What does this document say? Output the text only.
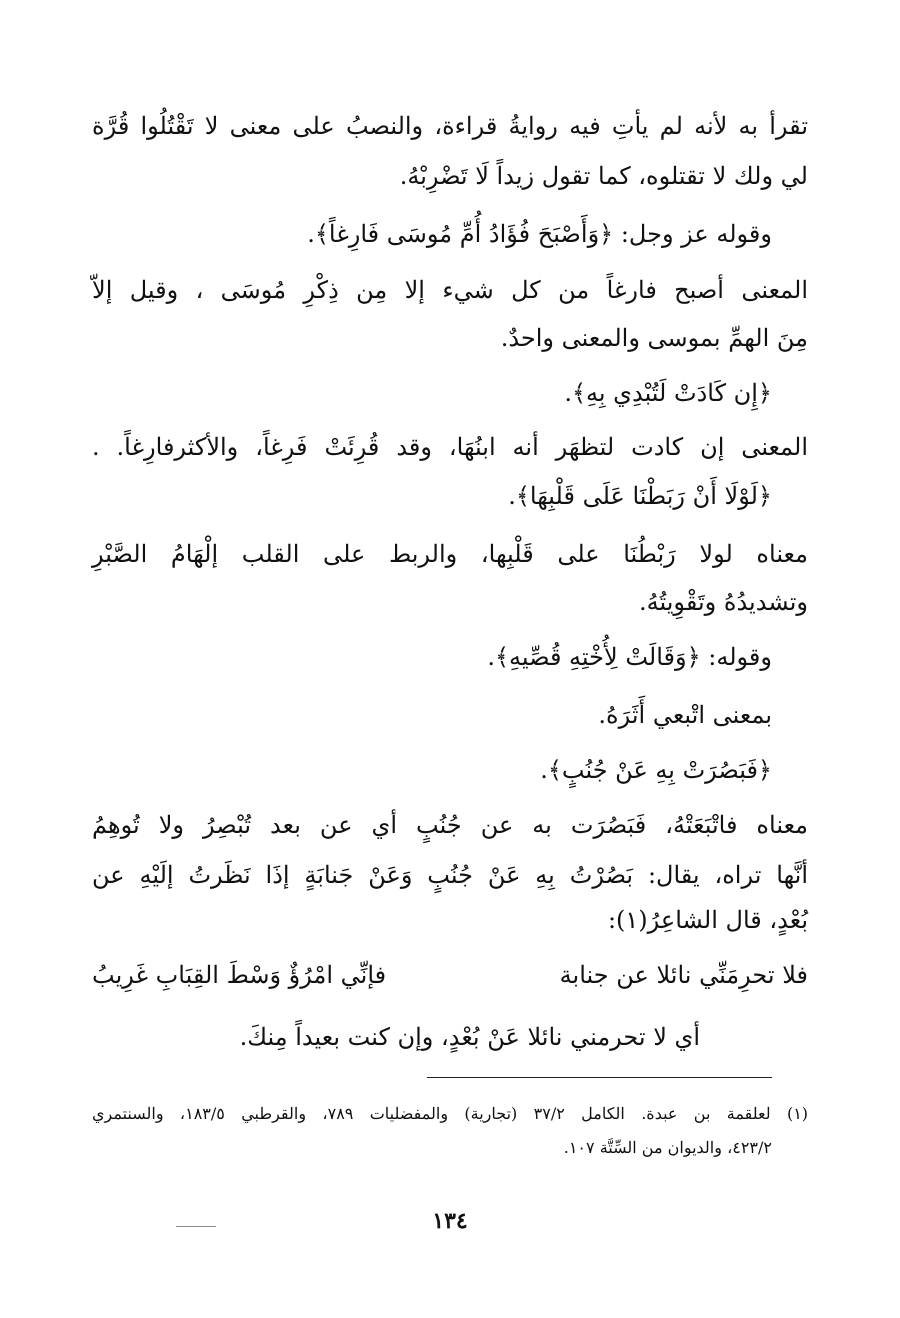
تقرأ به لأنه لم يأتِ فيه روايةُ قراءة، والنصبُ على معنى لا تَقْتُلُوا قُرَّة
لي ولك لا تقتلوه، كما تقول زيداً لَا تَضْرِبْهُ.
وقوله عز وجل: ﴿وَأَصْبَحَ فُؤَادُ أُمِّ مُوسَى فَارِغاً﴾.
المعنى أصبح فارغاً من كل شيء إلا مِن ذِكْرِ مُوسَى ، وقيل إلاّ
مِنَ الهمِّ بموسى والمعنى واحدٌ.
﴿إِن كَادَتْ لَتُبْدِي بِهِ﴾.
المعنى إن كادت لتظهَر أنه ابنُهَا، وقد قُرِئَتْ فَرِغاً، والأكثرفارِغاً. .
﴿لَوْلَا أَنْ رَبَطْنَا عَلَى قَلْبِهَا﴾.
معناه لولا رَبْطُنَا على قَلْبِها، والربط على القلب إلْهَامُ الصَّبْرِ
وتشديدُهُ وتَقْوِيتُهُ.
وقوله: ﴿وَقَالَتْ لِأُخْتِهِ قُصِّيهِ﴾.
بمعنى اتْبعي أَثَرَهُ.
﴿فَبَصُرَتْ بِهِ عَنْ جُنُبٍ﴾.
معناه فاتْبَعَتْهُ، فَبَصُرَت به عن جُنُبٍ أي عن بعد تُبْصِرُ ولا تُوهِمُ
أنَّها تراه، يقال: بَصُرْتُ بِهِ عَنْ جُنُبٍ وَعَنْ جَنابَةٍ إذَا نَظَرتُ إلَيْهِ عن
بُعْدٍ، قال الشاعِرُ(١):
فلا تحرِمَنِّي نائلا عن جنابة
فإنِّي امْرُؤٌ وَسْطَ القِبَابِ غَرِيبُ
أي لا تحرمني نائلا عَنْ بُعْدٍ، وإن كنت بعيداً مِنكَ.
(١) لعلقمة بن عبدة. الكامل ٣٧/٢ (تجارية) والمفضليات ٧٨٩، والقرطبي ١٨٣/٥، والسنتمري
٤٢٣/٢، والديوان من السِّتَّة ١٠٧.
١٣٤
